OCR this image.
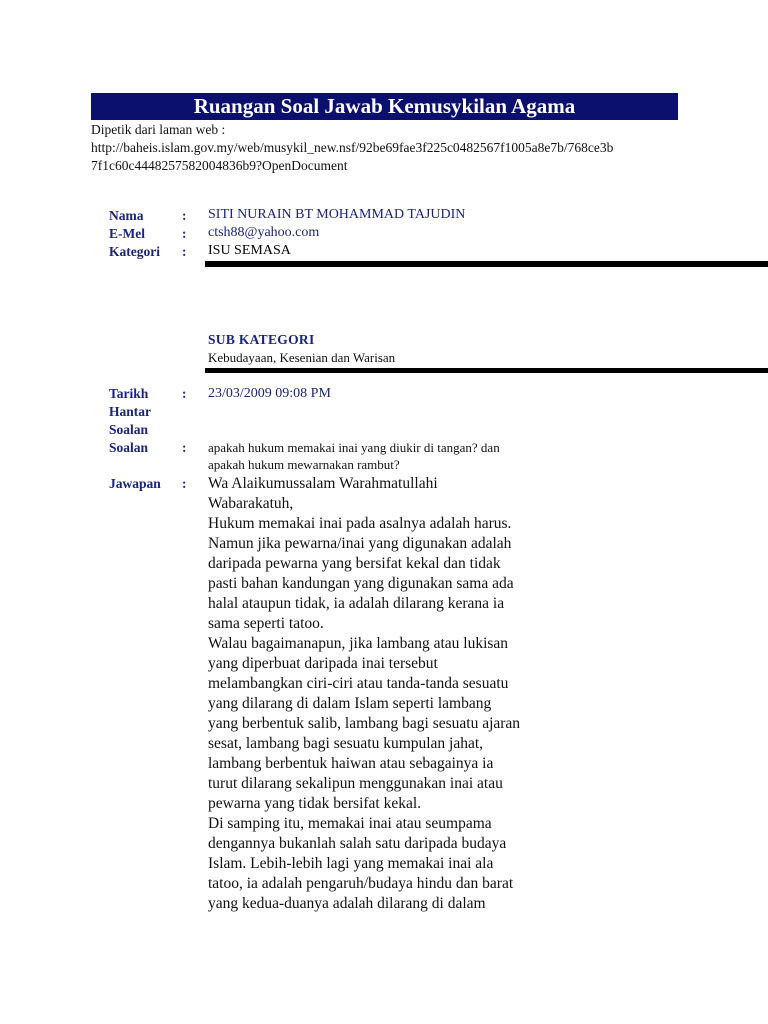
Ruangan Soal Jawab Kemusykilan Agama
Dipetik dari laman web :
http://baheis.islam.gov.my/web/musykil_new.nsf/92be69fae3f225c0482567f1005a8e7b/768ce3b
7f1c60c4448257582004836b9?OpenDocument
Nama	: SITI NURAIN BT MOHAMMAD TAJUDIN
E-Mel	: ctsh88@yahoo.com
Kategori : ISU SEMASA
SUB KATEGORI
Kebudayaan, Kesenian dan Warisan
Tarikh
Hantar
Soalan
: 23/03/2009 09:08 PM
Soalan	: apakah hukum memakai inai yang diukir di tangan? dan
apakah hukum mewarnakan rambut?
Jawapan : Wa Alaikumussalam Warahmatullahi
Wabarakatuh,
Hukum memakai inai pada asalnya adalah harus.
Namun jika pewarna/inai yang digunakan adalah
daripada pewarna yang bersifat kekal dan tidak
pasti bahan kandungan yang digunakan sama ada
halal ataupun tidak, ia adalah dilarang kerana ia
sama seperti tatoo.
Walau bagaimanapun, jika lambang atau lukisan
yang diperbuat daripada inai tersebut
melambangkan ciri-ciri atau tanda-tanda sesuatu
yang dilarang di dalam Islam seperti lambang
yang berbentuk salib, lambang bagi sesuatu ajaran
sesat, lambang bagi sesuatu kumpulan jahat,
lambang berbentuk haiwan atau sebagainya ia
turut dilarang sekalipun menggunakan inai atau
pewarna yang tidak bersifat kekal.
Di samping itu, memakai inai atau seumpama
dengannya bukanlah salah satu daripada budaya
Islam. Lebih-lebih lagi yang memakai inai ala
tatoo, ia adalah pengaruh/budaya hindu dan barat
yang kedua-duanya adalah dilarang di dalam
